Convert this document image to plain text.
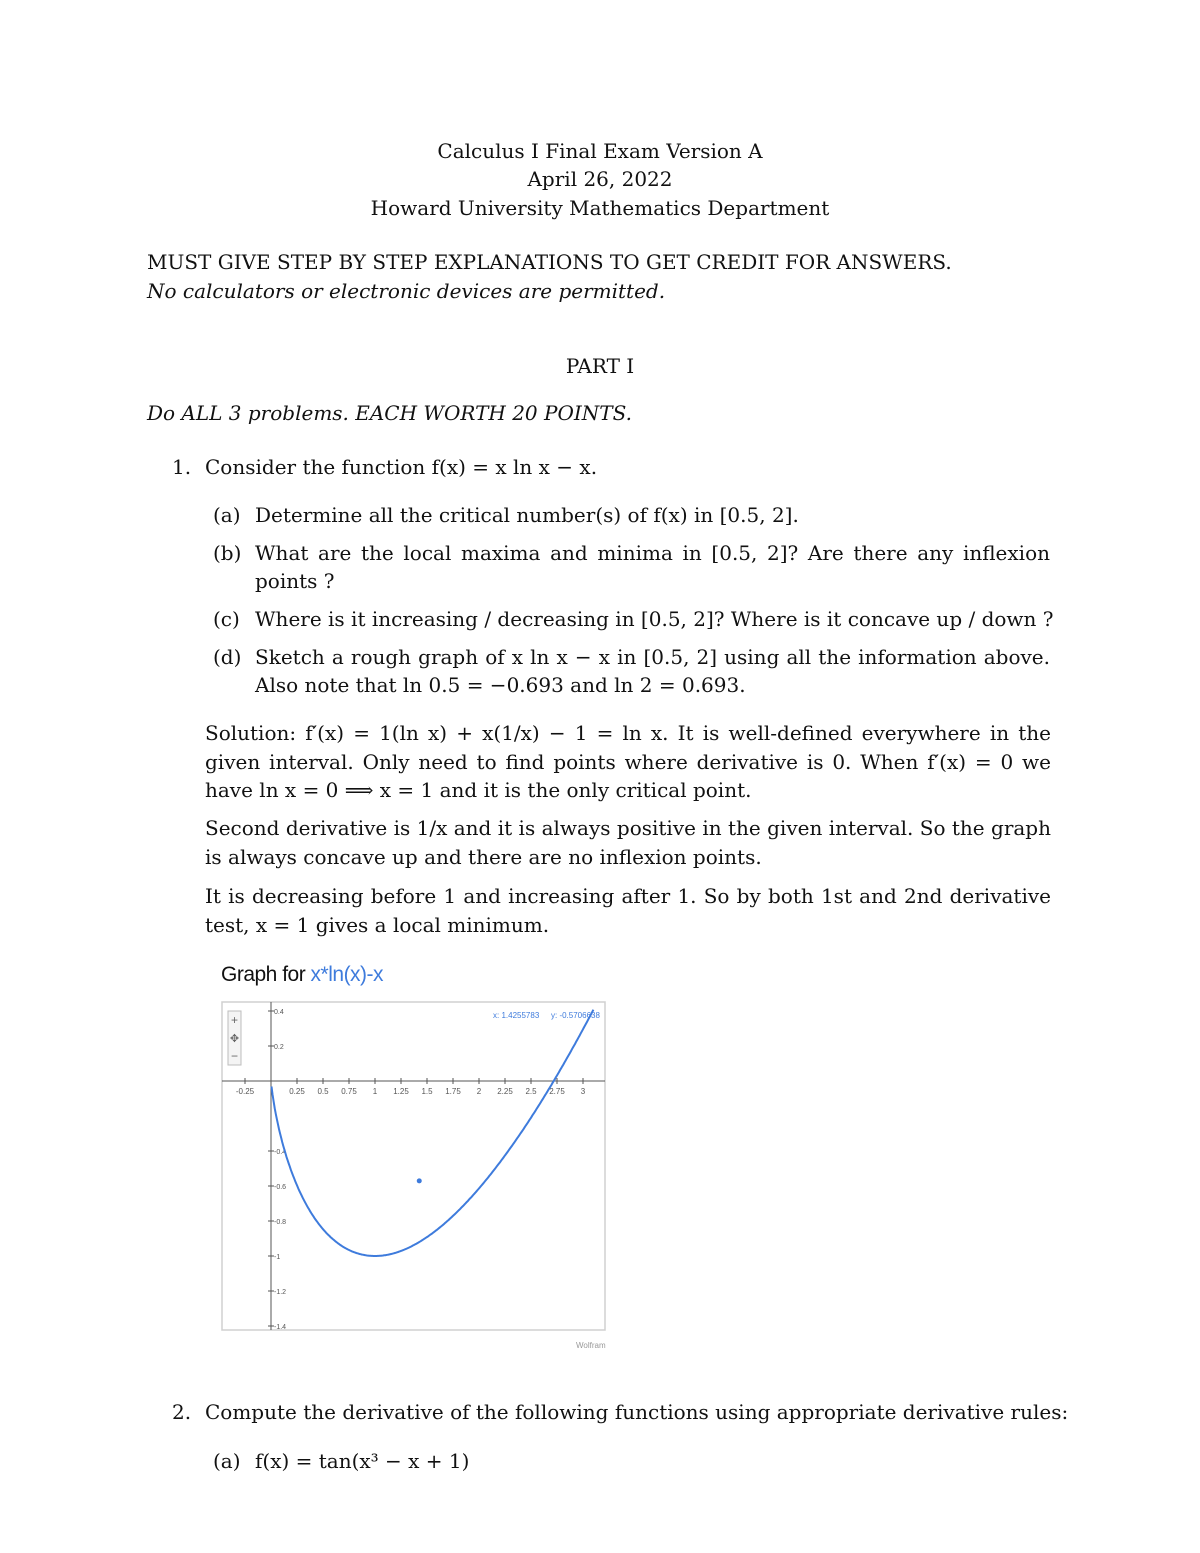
Calculus I Final Exam Version A
April 26, 2022
Howard University Mathematics Department
MUST GIVE STEP BY STEP EXPLANATIONS TO GET CREDIT FOR ANSWERS.
No calculators or electronic devices are permitted.
PART I
Do ALL 3 problems. EACH WORTH 20 POINTS.
1. Consider the function f(x) = x ln x − x.
(a) Determine all the critical number(s) of f(x) in [0.5, 2].
(b) What are the local maxima and minima in [0.5, 2]? Are there any inflexion
points ?
(c) Where is it increasing / decreasing in [0.5, 2]? Where is it concave up / down ?
(d) Sketch a rough graph of x ln x − x in [0.5, 2] using all the information above.
Also note that ln 0.5 = −0.693 and ln 2 = 0.693.
Solution: f′(x) = 1(ln x) + x(1/x) − 1 = ln x. It is well-defined everywhere in the given interval. Only need to find points where derivative is 0. When f′(x) = 0 we have ln x = 0 ⟹ x = 1 and it is the only critical point.
Second derivative is 1/x and it is always positive in the given interval. So the graph is always concave up and there are no inflexion points.
It is decreasing before 1 and increasing after 1. So by both 1st and 2nd derivative test, x = 1 gives a local minimum.
Graph for x*ln(x)-x
-0.25	0.25 0.5 0.75 1 1.25 1.5 1.75 2 2.25 2.5 2.75 3
0.4
0.2
-0.4
-0.6
-0.8
-1
-1.2
-1.4
+
✥
−
x: 1.4255783 y: -0.5706638
Wolfram
2. Compute the derivative of the following functions using appropriate derivative rules:
(a) f(x) = tan(x³ − x + 1)
